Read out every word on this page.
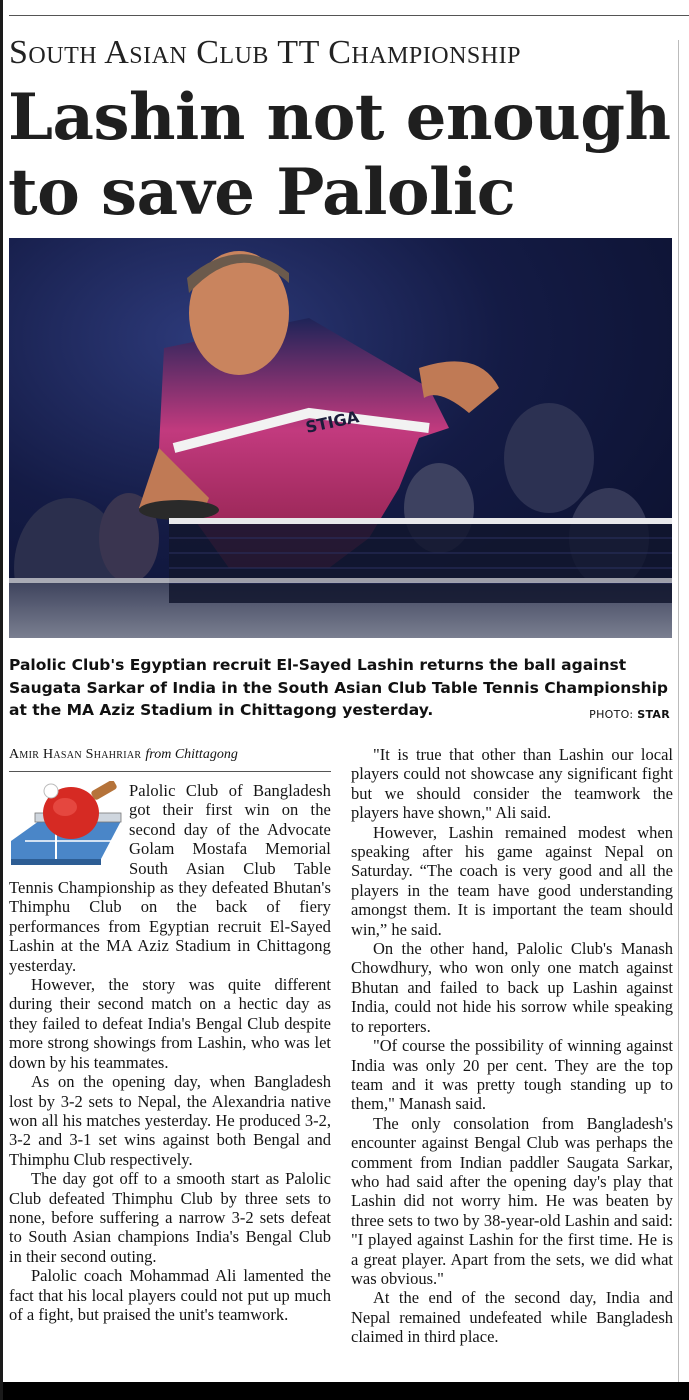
South Asian Club TT Championship
Lashin not enough to save Palolic
STIGA

Palolic Club's Egyptian recruit El-Sayed Lashin returns the ball against Saugata Sarkar of India in the South Asian Club Table Tennis Championship at the MA Aziz Stadium in Chittagong yesterday.	PHOTO: STAR
Amir Hasan Shahriar from Chittagong

Palolic Club of Bangladesh got their first win on the second day of the Advocate Golam Mostafa Memorial South Asian Club Table Tennis Championship as they defeated Bhutan's Thimphu Club on the back of fiery performances from Egyptian recruit El-Sayed Lashin at the MA Aziz Stadium in Chittagong yesterday.

However, the story was quite different during their second match on a hectic day as they failed to defeat India's Bengal Club despite more strong showings from Lashin, who was let down by his teammates.

As on the opening day, when Bangladesh lost by 3-2 sets to Nepal, the Alexandria native won all his matches yesterday. He produced 3-2, 3-2 and 3-1 set wins against both Bengal and Thimphu Club respectively.

The day got off to a smooth start as Palolic Club defeated Thimphu Club by three sets to none, before suffering a narrow 3-2 sets defeat to South Asian champions India's Bengal Club in their second outing.

Palolic coach Mohammad Ali lamented the fact that his local players could not put up much of a fight, but praised the unit's teamwork.

"It is true that other than Lashin our local players could not showcase any significant fight but we should consider the teamwork the players have shown," Ali said.

However, Lashin remained modest when speaking after his game against Nepal on Saturday. “The coach is very good and all the players in the team have good understanding amongst them. It is important the team should win,” he said.

On the other hand, Palolic Club's Manash Chowdhury, who won only one match against Bhutan and failed to back up Lashin against India, could not hide his sorrow while speaking to reporters.

"Of course the possibility of winning against India was only 20 per cent. They are the top team and it was pretty tough standing up to them," Manash said.

The only consolation from Bangladesh's encounter against Bengal Club was perhaps the comment from Indian paddler Saugata Sarkar, who had said after the opening day's play that Lashin did not worry him. He was beaten by three sets to two by 38-year-old Lashin and said: "I played against Lashin for the first time. He is a great player. Apart from the sets, we did what was obvious."

At the end of the second day, India and Nepal remained undefeated while Bangladesh claimed in third place.
